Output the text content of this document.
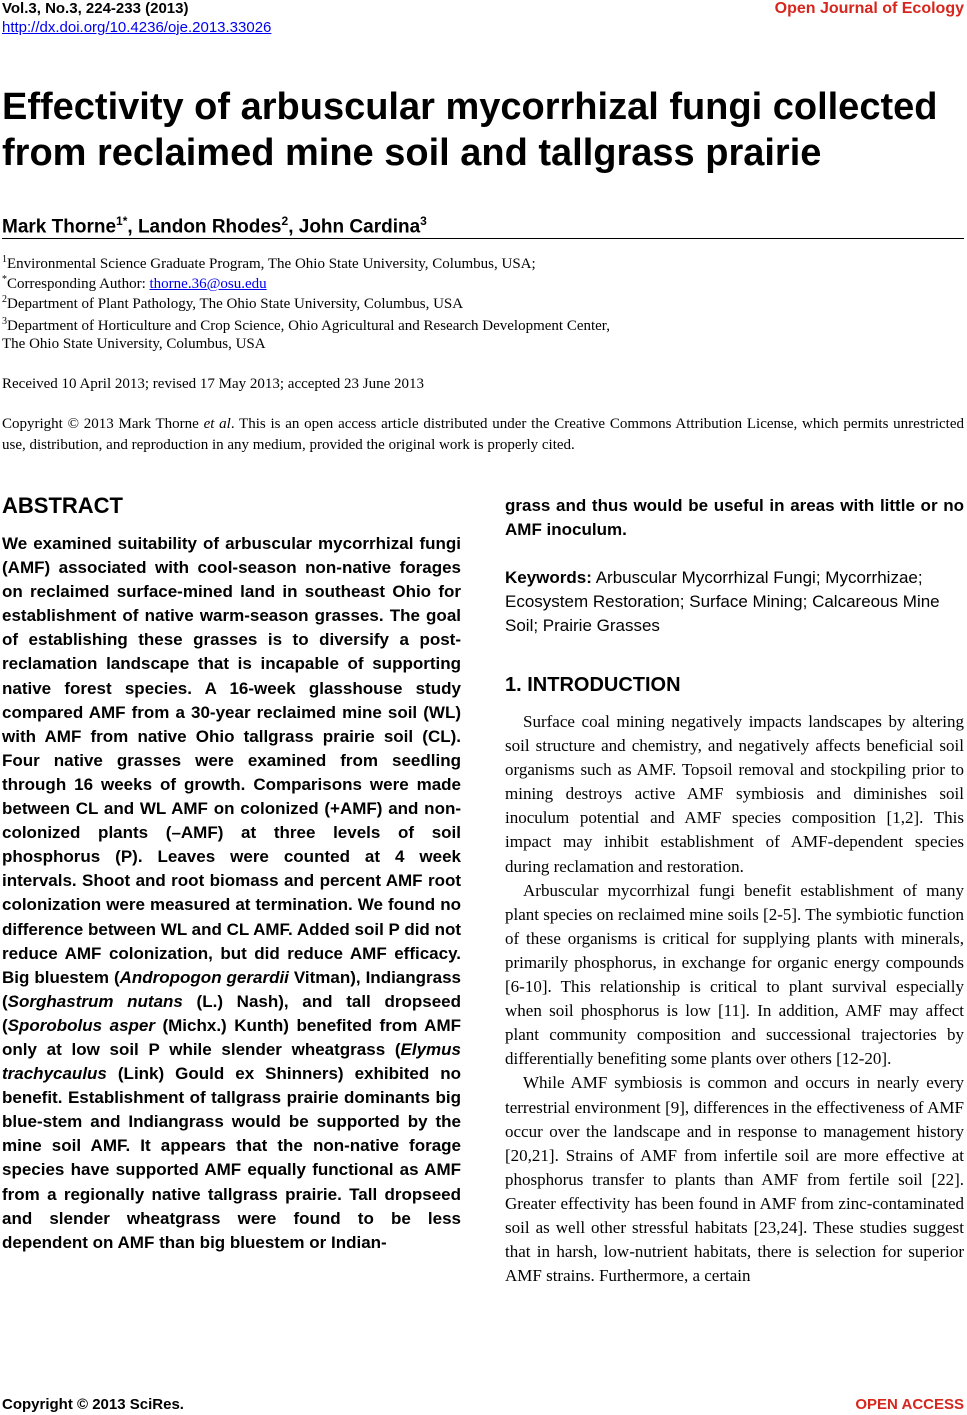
Vol.3, No.3, 224-233 (2013)
http://dx.doi.org/10.4236/oje.2013.33026
Open Journal of Ecology
Effectivity of arbuscular mycorrhizal fungi collected from reclaimed mine soil and tallgrass prairie
Mark Thorne$^{1*}$, Landon Rhodes$^2$, John Cardina$^3$
$^1$Environmental Science Graduate Program, The Ohio State University, Columbus, USA;
*Corresponding Author: thorne.36@osu.edu
$^2$Department of Plant Pathology, The Ohio State University, Columbus, USA
$^3$Department of Horticulture and Crop Science, Ohio Agricultural and Research Development Center,
The Ohio State University, Columbus, USA
Received 10 April 2013; revised 17 May 2013; accepted 23 June 2013
Copyright © 2013 Mark Thorne et al. This is an open access article distributed under the Creative Commons Attribution License, which permits unrestricted use, distribution, and reproduction in any medium, provided the original work is properly cited.
ABSTRACT
We examined suitability of arbuscular mycorrhizal fungi (AMF) associated with cool-season non-native forages on reclaimed surface-mined land in southeast Ohio for establishment of native warm-season grasses. The goal of establishing these grasses is to diversify a post-reclamation landscape that is incapable of supporting native forest species. A 16-week glasshouse study compared AMF from a 30-year reclaimed mine soil (WL) with AMF from native Ohio tallgrass prairie soil (CL). Four native grasses were examined from seedling through 16 weeks of growth. Comparisons were made between CL and WL AMF on colonized (+AMF) and non-colonized plants (–AMF) at three levels of soil phosphorus (P). Leaves were counted at 4 week intervals. Shoot and root biomass and percent AMF root colonization were measured at termination. We found no difference between WL and CL AMF. Added soil P did not reduce AMF colonization, but did reduce AMF efficacy. Big bluestem (Andropogon gerardii Vitman), Indiangrass (Sorghastrum nutans (L.) Nash), and tall dropseed (Sporobolus asper (Michx.) Kunth) benefited from AMF only at low soil P while slender wheatgrass (Elymus trachycaulus (Link) Gould ex Shinners) exhibited no benefit. Establishment of tallgrass prairie dominants big blue-stem and Indiangrass would be supported by the mine soil AMF. It appears that the non-native forage species have supported AMF equally functional as AMF from a regionally native tallgrass prairie. Tall dropseed and slender wheatgrass were found to be less dependent on AMF than big bluestem or Indian-
grass and thus would be useful in areas with little or no AMF inoculum.
Keywords: Arbuscular Mycorrhizal Fungi; Mycorrhizae; Ecosystem Restoration; Surface Mining; Calcareous Mine Soil; Prairie Grasses
1. INTRODUCTION

Surface coal mining negatively impacts landscapes by altering soil structure and chemistry, and negatively affects beneficial soil organisms such as AMF. Topsoil removal and stockpiling prior to mining destroys active AMF symbiosis and diminishes soil inoculum potential and AMF species composition [1,2]. This impact may inhibit establishment of AMF-dependent species during reclamation and restoration.

Arbuscular mycorrhizal fungi benefit establishment of many plant species on reclaimed mine soils [2-5]. The symbiotic function of these organisms is critical for supplying plants with minerals, primarily phosphorus, in exchange for organic energy compounds [6-10]. This relationship is critical to plant survival especially when soil phosphorus is low [11]. In addition, AMF may affect plant community composition and successional trajectories by differentially benefiting some plants over others [12-20].

While AMF symbiosis is common and occurs in nearly every terrestrial environment [9], differences in the effectiveness of AMF occur over the landscape and in response to management history [20,21]. Strains of AMF from infertile soil are more effective at phosphorus transfer to plants than AMF from fertile soil [22]. Greater effectivity has been found in AMF from zinc-contaminated soil as well other stressful habitats [23,24]. These studies suggest that in harsh, low-nutrient habitats, there is selection for superior AMF strains. Furthermore, a certain

Copyright © 2013 SciRes.	OPEN ACCESS
